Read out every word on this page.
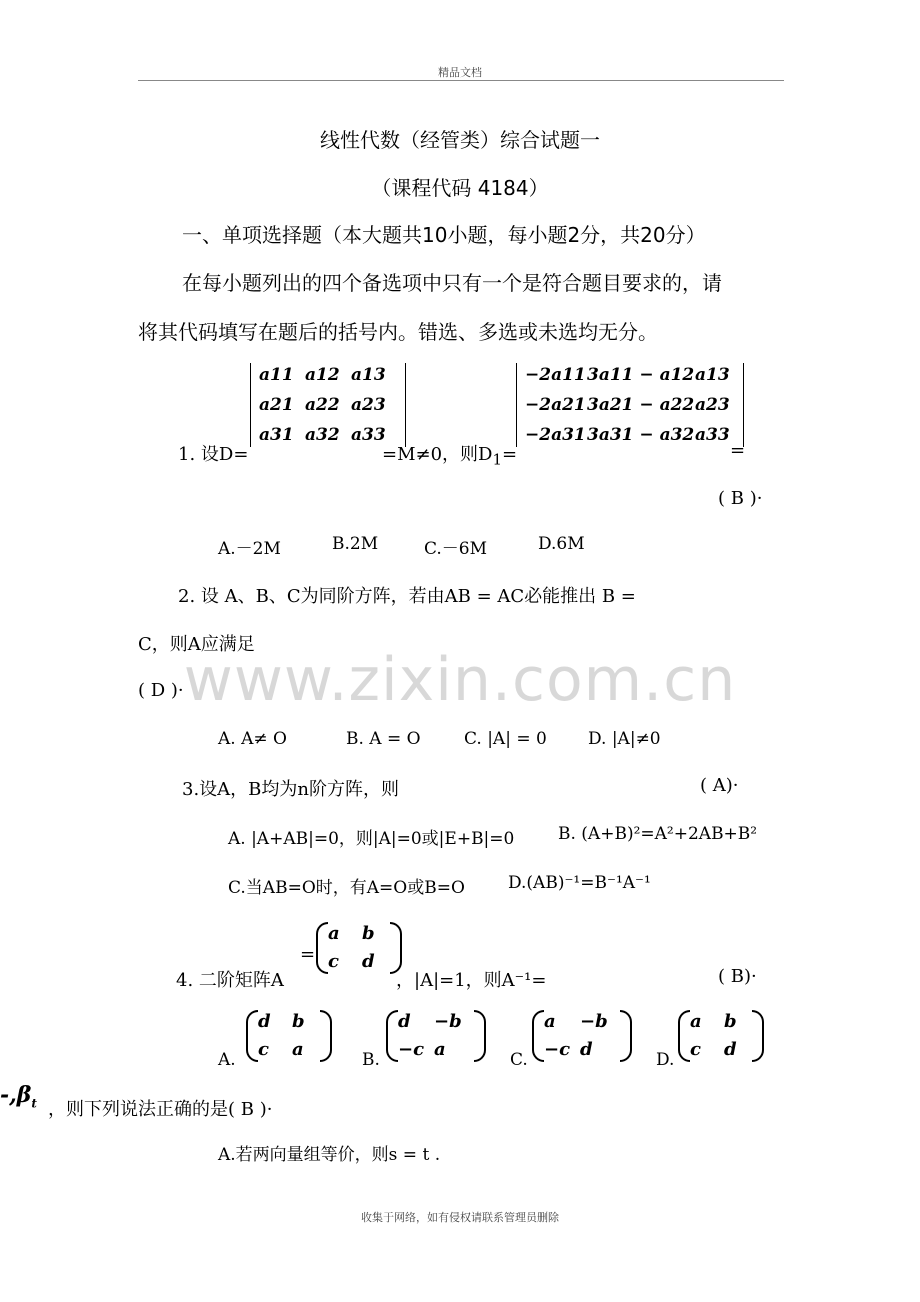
精品文档
www.zixin.com.cn
线性代数（经管类）综合试题一
（课程代码 4184）
一、单项选择题（本大题共10小题，每小题2分，共20分）
在每小题列出的四个备选项中只有一个是符合题目要求的，请
将其代码填写在题后的括号内。错选、多选或未选均无分。
1. 设D=
a11 a12 a13
a21 a22 a23
a31 a32 a33
=M≠0，则$D_1=$
−2a11 3a11 − a12 a13
−2a21 3a21 − a22 a23
−2a31 3a31 − a32 a33
=
( B )·
A.－2M	B.2M	C.－6M	D.6M
2. 设 A、B、C为同阶方阵，若由AB = AC必能推出 B =
C，则A应满足
( D )·
A. A≠ O	B. A = O	C. |A| = 0 D. |A|≠0
3.设A，B均为n阶方阵，则	( A)·
A. |A+AB|=0，则|A|=0或|E+B|=0	B. (A+B)²=A²+2AB+B²
C.当AB=O时，有A=O或B=O	D.(AB)⁻¹=B⁻¹A⁻¹
4. 二阶矩阵A
=
a	b
c	d
，|A|=1，则A⁻¹=	( B)·
A.
d	b
c	a	B.
d	−b
−c a	C.
a	−b
−c d	D.
a	b
c	d
$-,\beta_t$ ，则下列说法正确的是( B )·
A.若两向量组等价，则s = t .
收集于网络，如有侵权请联系管理员删除
